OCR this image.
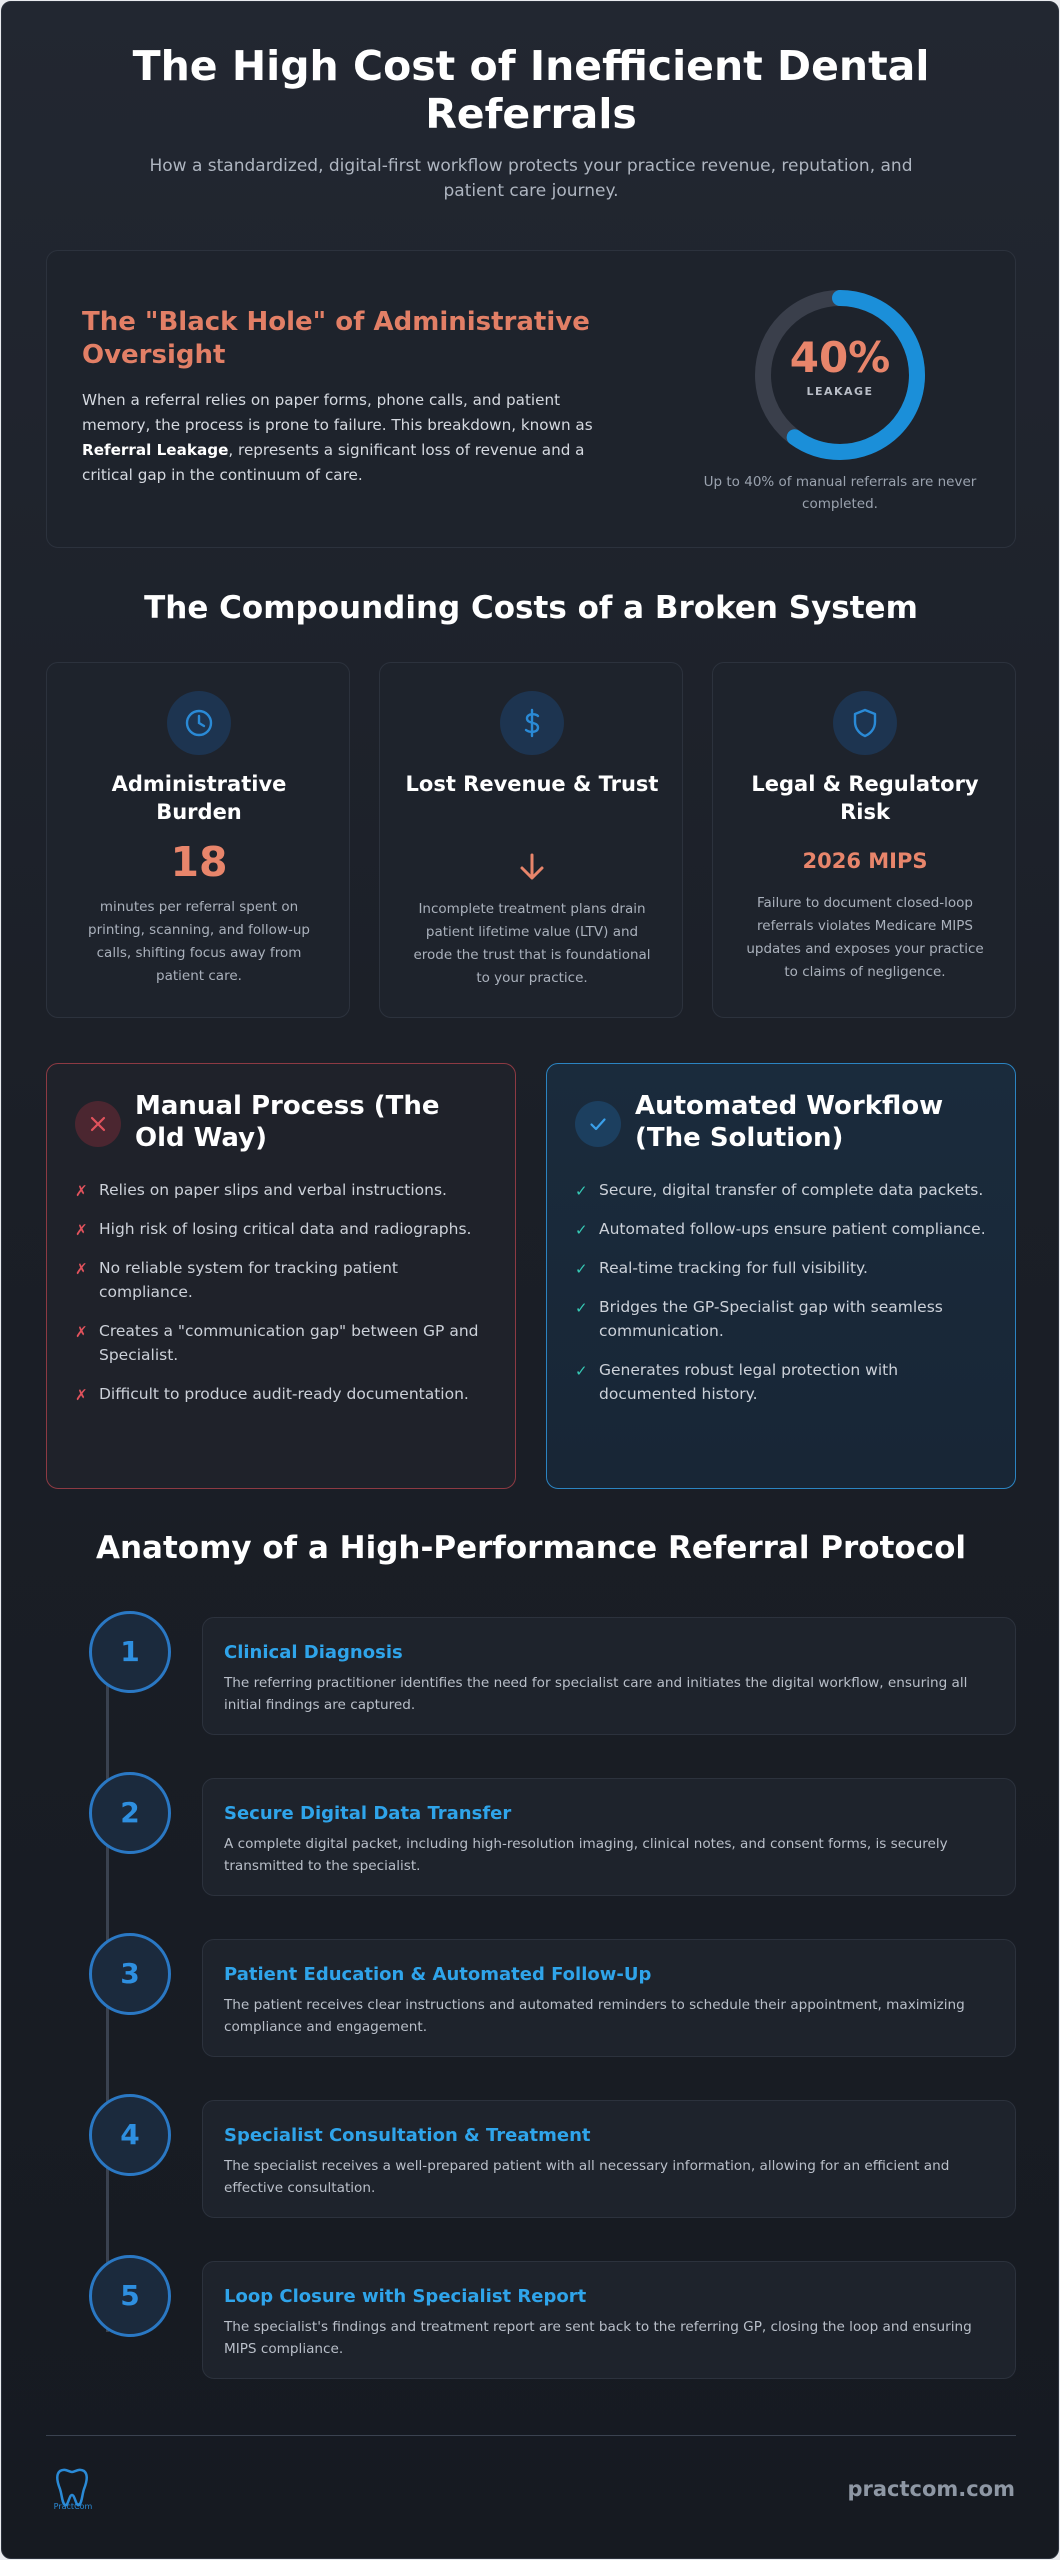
The High Cost of Inefficient Dental Referrals

How a standardized, digital-first workflow protects your practice revenue, reputation, and patient care journey.

The "Black Hole" of Administrative Oversight
When a referral relies on paper forms, phone calls, and patient memory, the process is prone to failure. This breakdown, known as Referral Leakage, represents a significant loss of revenue and a critical gap in the continuum of care.
40%
LEAKAGE
Up to 40% of manual referrals are never completed.
The Compounding Costs of a Broken System
Administrative Burden
18
minutes per referral spent on printing, scanning, and follow-up calls, shifting focus away from patient care.
Lost Revenue & Trust
Incomplete treatment plans drain patient lifetime value (LTV) and erode the trust that is foundational to your practice.
Legal & Regulatory Risk
2026 MIPS
Failure to document closed-loop referrals violates Medicare MIPS updates and exposes your practice to claims of negligence.
Manual Process (The Old Way)
✗ Relies on paper slips and verbal instructions.
✗ High risk of losing critical data and radiographs.
✗ No reliable system for tracking patient compliance.
✗ Creates a "communication gap" between GP and Specialist.
✗ Difficult to produce audit-ready documentation.
Automated Workflow (The Solution)
✓ Secure, digital transfer of complete data packets.
✓ Automated follow-ups ensure patient compliance.
✓ Real-time tracking for full visibility.
✓ Bridges the GP-Specialist gap with seamless communication.
✓ Generates robust legal protection with documented history.
Anatomy of a High-Performance Referral Protocol
1	Clinical Diagnosis

The referring practitioner identifies the need for specialist care and initiates the digital workflow, ensuring all initial findings are captured.

2	Secure Digital Data Transfer

A complete digital packet, including high-resolution imaging, clinical notes, and consent forms, is securely transmitted to the specialist.

3	Patient Education & Automated Follow-Up

The patient receives clear instructions and automated reminders to schedule their appointment, maximizing compliance and engagement.

4	Specialist Consultation & Treatment

The specialist receives a well-prepared patient with all necessary information, allowing for an efficient and effective consultation.

5	Loop Closure with Specialist Report

The specialist's findings and treatment report are sent back to the referring GP, closing the loop and ensuring MIPS compliance.

PractCom
practcom.com
